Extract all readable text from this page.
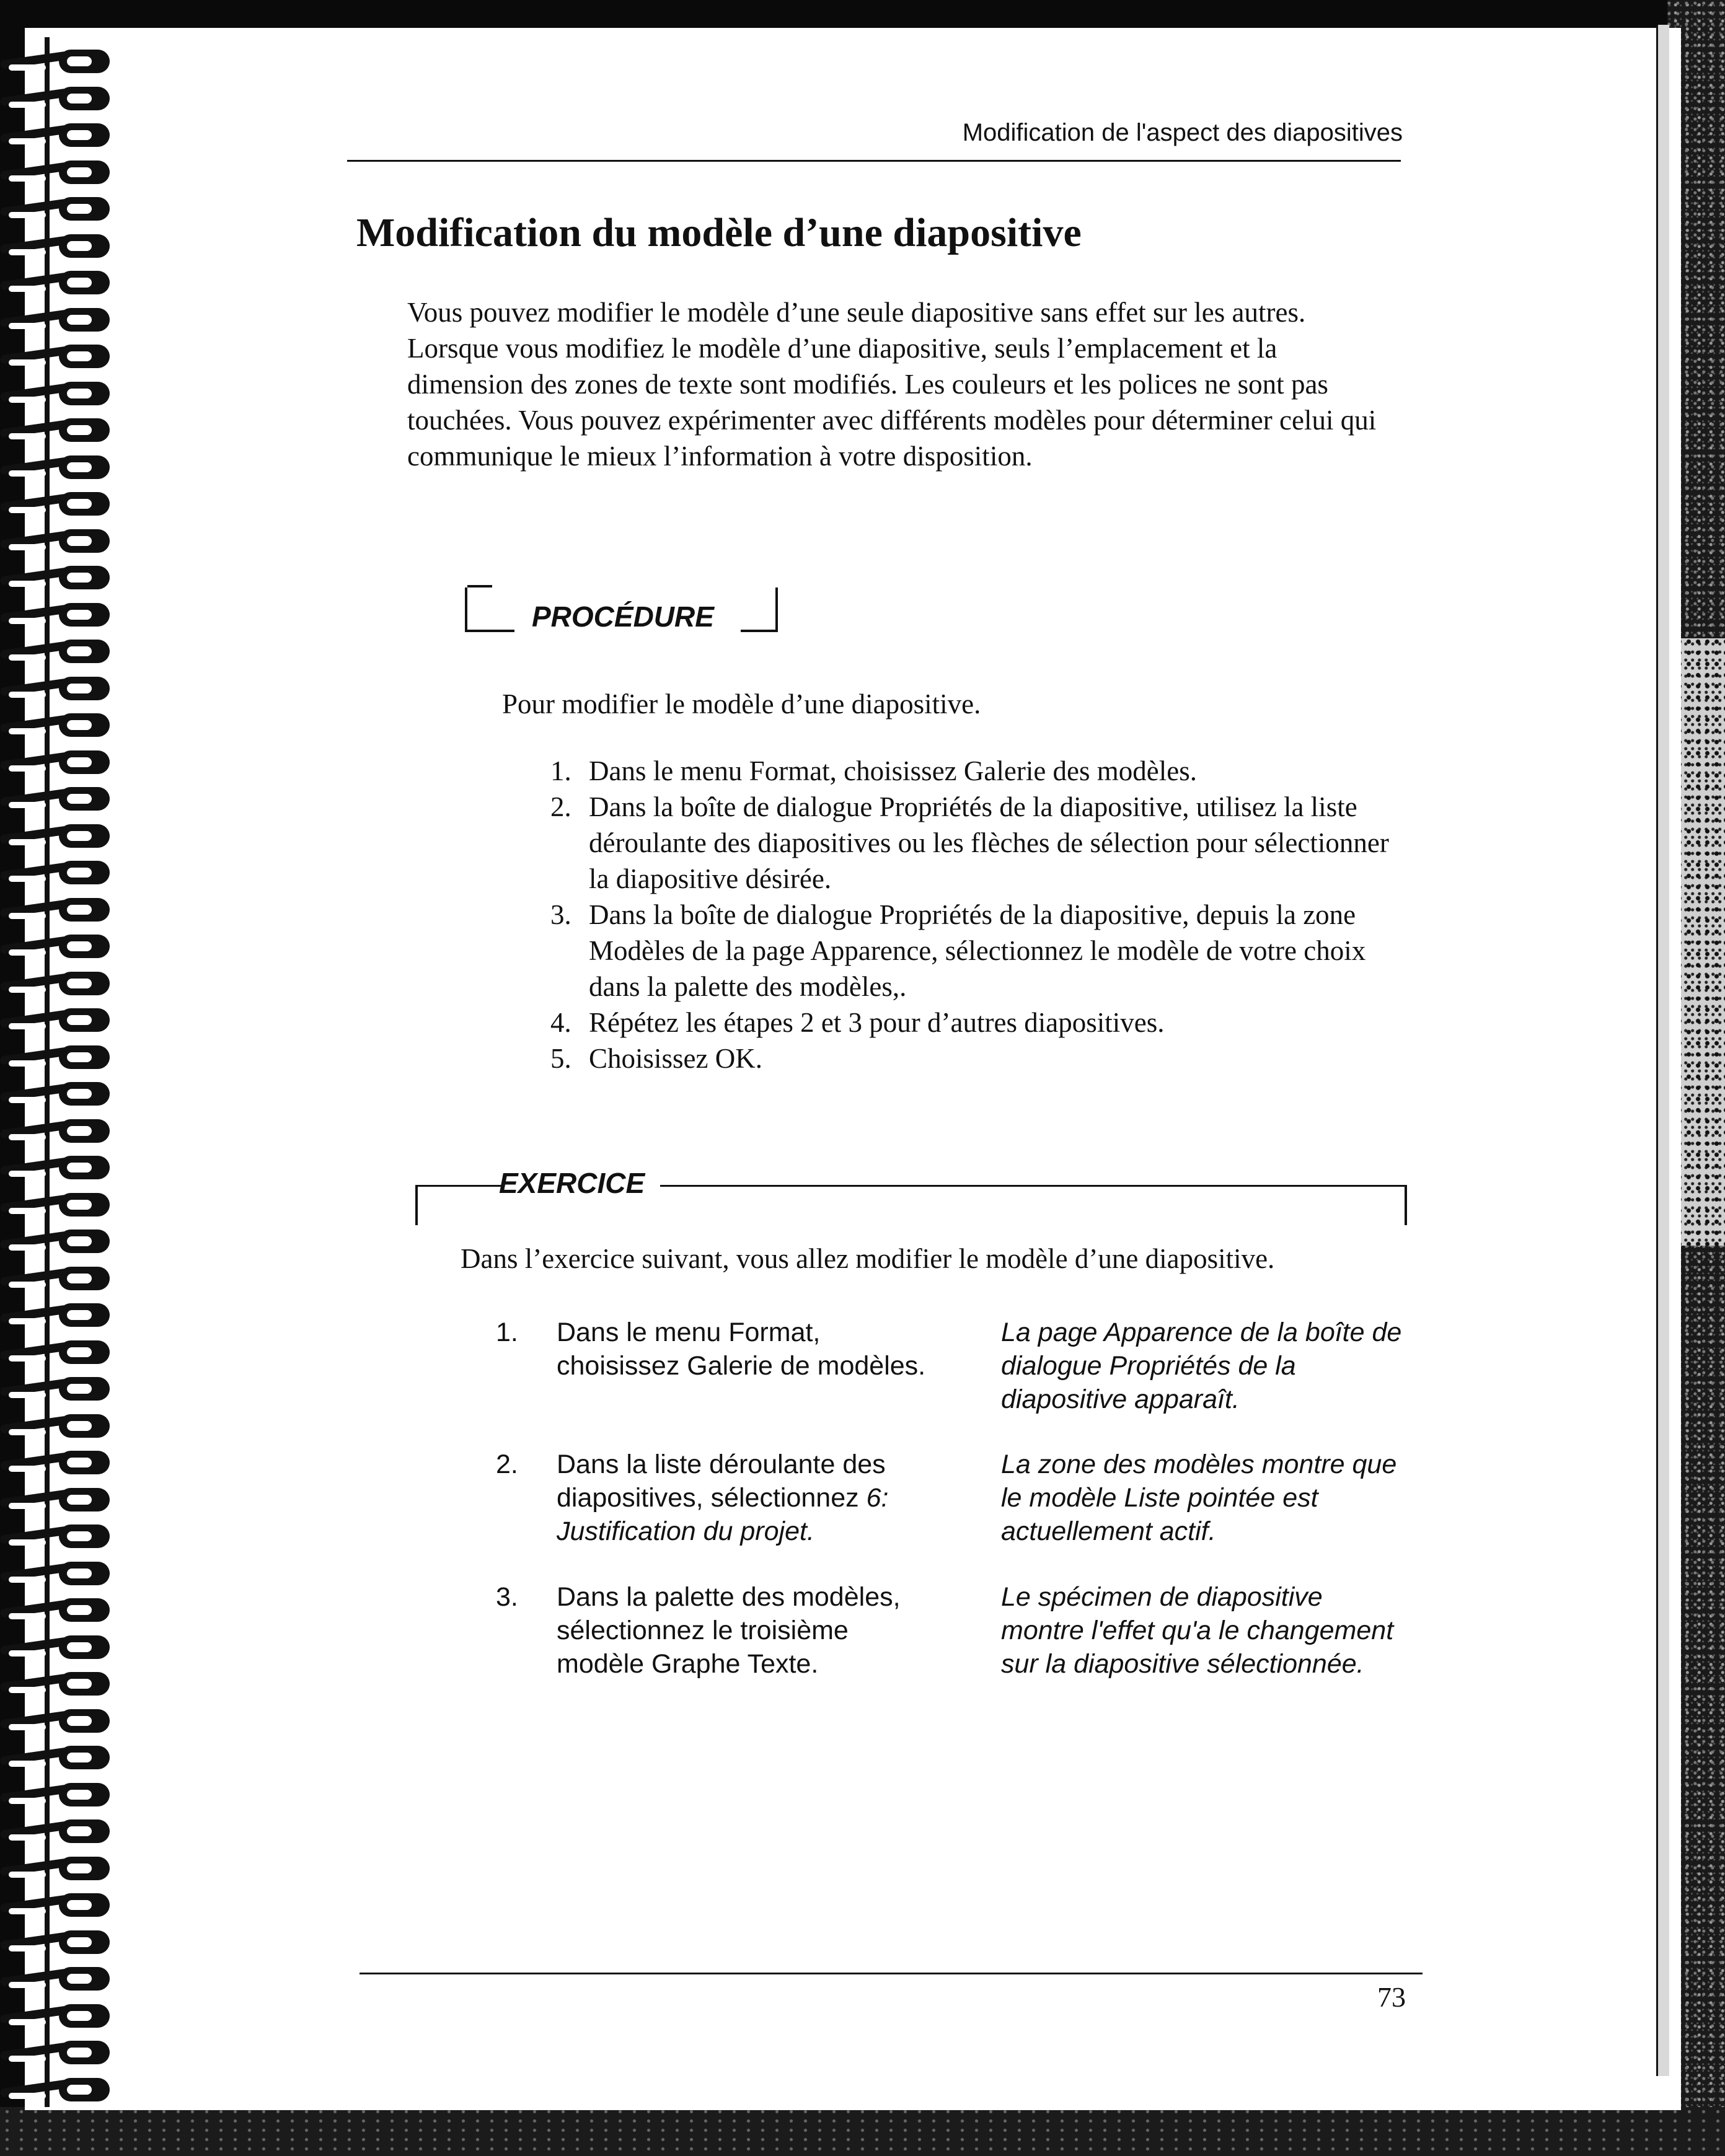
Modification de l'aspect des diapositives
Modification du modèle d’une diapositive

Vous pouvez modifier le modèle d’une seule diapositive sans effet sur les autres. Lorsque vous modifiez le modèle d’une diapositive, seuls l’emplacement et la dimension des zones de texte sont modifiés. Les couleurs et les polices ne sont pas touchées. Vous pouvez expérimenter avec différents modèles pour déterminer celui qui communique le mieux l’information à votre disposition.

PROCÉDURE

Pour modifier le modèle d’une diapositive.

1. Dans le menu Format, choisissez Galerie des modèles.
2. Dans la boîte de dialogue Propriétés de la diapositive, utilisez la liste déroulante des diapositives ou les flèches de sélection pour sélectionner la diapositive désirée.
3. Dans la boîte de dialogue Propriétés de la diapositive, depuis la zone Modèles de la page Apparence, sélectionnez le modèle de votre choix dans la palette des modèles,.
4. Répétez les étapes 2 et 3 pour d’autres diapositives.
5. Choisissez OK.
EXERCICE

Dans l’exercice suivant, vous allez modifier le modèle d’une diapositive.

1. Dans le menu Format, choisissez Galerie de modèles.

La page Apparence de la boîte de dialogue Propriétés de la diapositive apparaît.

2. Dans la liste déroulante des diapositives, sélectionnez 6: Justification du projet.

La zone des modèles montre que le modèle Liste pointée est actuellement actif.

3. Dans la palette des modèles, sélectionnez le troisième modèle Graphe Texte.

Le spécimen de diapositive montre l'effet qu'a le changement sur la diapositive sélectionnée.

73
